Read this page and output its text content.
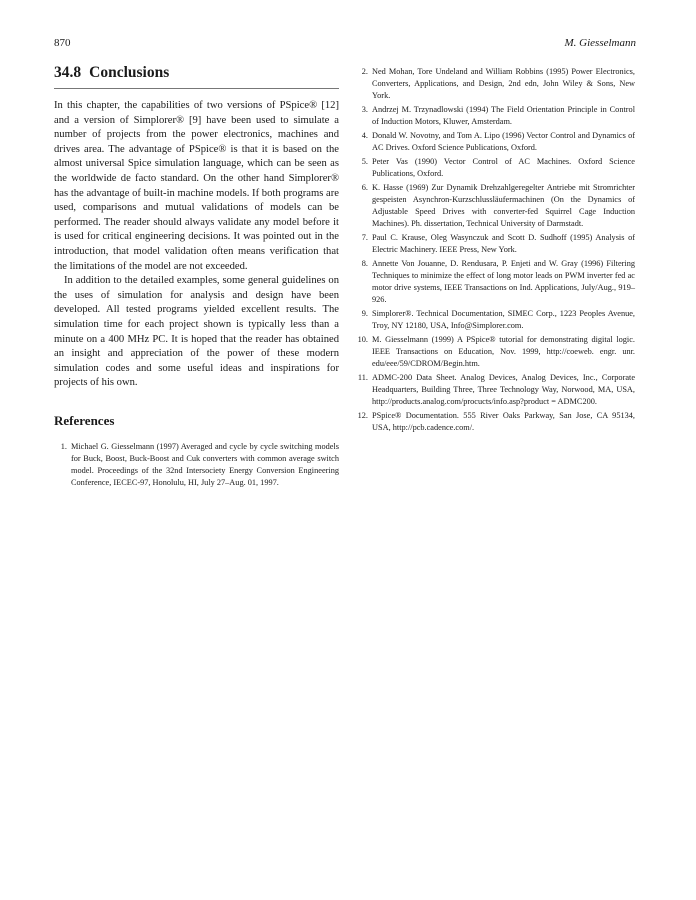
870	M. Giesselmann
34.8 Conclusions

In this chapter, the capabilities of two versions of PSpice® [12] and a version of Simplorer® [9] have been used to simulate a number of projects from the power electronics, machines and drives area. The advantage of PSpice® is that it is based on the almost universal Spice simulation language, which can be seen as the worldwide de facto standard. On the other hand Simplorer® has the advantage of built-in machine models. If both programs are used, comparisons and mutual validations of models can be performed. The reader should always validate any model before it is used for critical engineering decisions. It was pointed out in the introduction, that model validation often means verification that the limitations of the model are not exceeded.

In addition to the detailed examples, some general guidelines on the uses of simulation for analysis and design have been developed. All tested programs yielded excellent results. The simulation time for each project shown is typically less than a minute on a 400 MHz PC. It is hoped that the reader has obtained an insight and appreciation of the power of these modern simulation codes and some useful ideas and inspirations for projects of his own.

References
1. Michael G. Giesselmann (1997) Averaged and cycle by cycle switching models for Buck, Boost, Buck-Boost and Cuk converters with common average switch model. Proceedings of the 32nd Intersociety Energy Conversion Engineering Conference, IECEC-97, Honolulu, HI, July 27–Aug. 01, 1997.
2. Ned Mohan, Tore Undeland and William Robbins (1995) Power Electronics, Converters, Applications, and Design, 2nd edn, John Wiley & Sons, New York.
3. Andrzej M. Trzynadlowski (1994) The Field Orientation Principle in Control of Induction Motors, Kluwer, Amsterdam.
4. Donald W. Novotny, and Tom A. Lipo (1996) Vector Control and Dynamics of AC Drives. Oxford Science Publications, Oxford.
5. Peter Vas (1990) Vector Control of AC Machines. Oxford Science Publications, Oxford.
6. K. Hasse (1969) Zur Dynamik Drehzahlgeregelter Antriebe mit Stromrichter gespeisten Asynchron-Kurzschlussläufermachinen (On the Dynamics of Adjustable Speed Drives with converter-fed Squirrel Cage Induction Machines). Ph. dissertation, Technical University of Darmstadt.
7. Paul C. Krause, Oleg Wasynczuk and Scott D. Sudhoff (1995) Analysis of Electric Machinery. IEEE Press, New York.
8. Annette Von Jouanne, D. Rendusara, P. Enjeti and W. Gray (1996) Filtering Techniques to minimize the effect of long motor leads on PWM inverter fed ac motor drive systems, IEEE Transactions on Ind. Applications, July/Aug., 919–926.
9. Simplorer®. Technical Documentation, SIMEC Corp., 1223 Peoples Avenue, Troy, NY 12180, USA, Info@Simplorer.com.
10. M. Giesselmann (1999) A PSpice® tutorial for demonstrating digital logic. IEEE Transactions on Education, Nov. 1999, http://coeweb. engr. unr. edu/eee/59/CDROM/Begin.htm.
11. ADMC-200 Data Sheet. Analog Devices, Analog Devices, Inc., Corporate Headquarters, Building Three, Three Technology Way, Norwood, MA, USA, http://products.analog.com/procucts/info.asp?product = ADMC200.
12. PSpice® Documentation. 555 River Oaks Parkway, San Jose, CA 95134, USA, http://pcb.cadence.com/.
